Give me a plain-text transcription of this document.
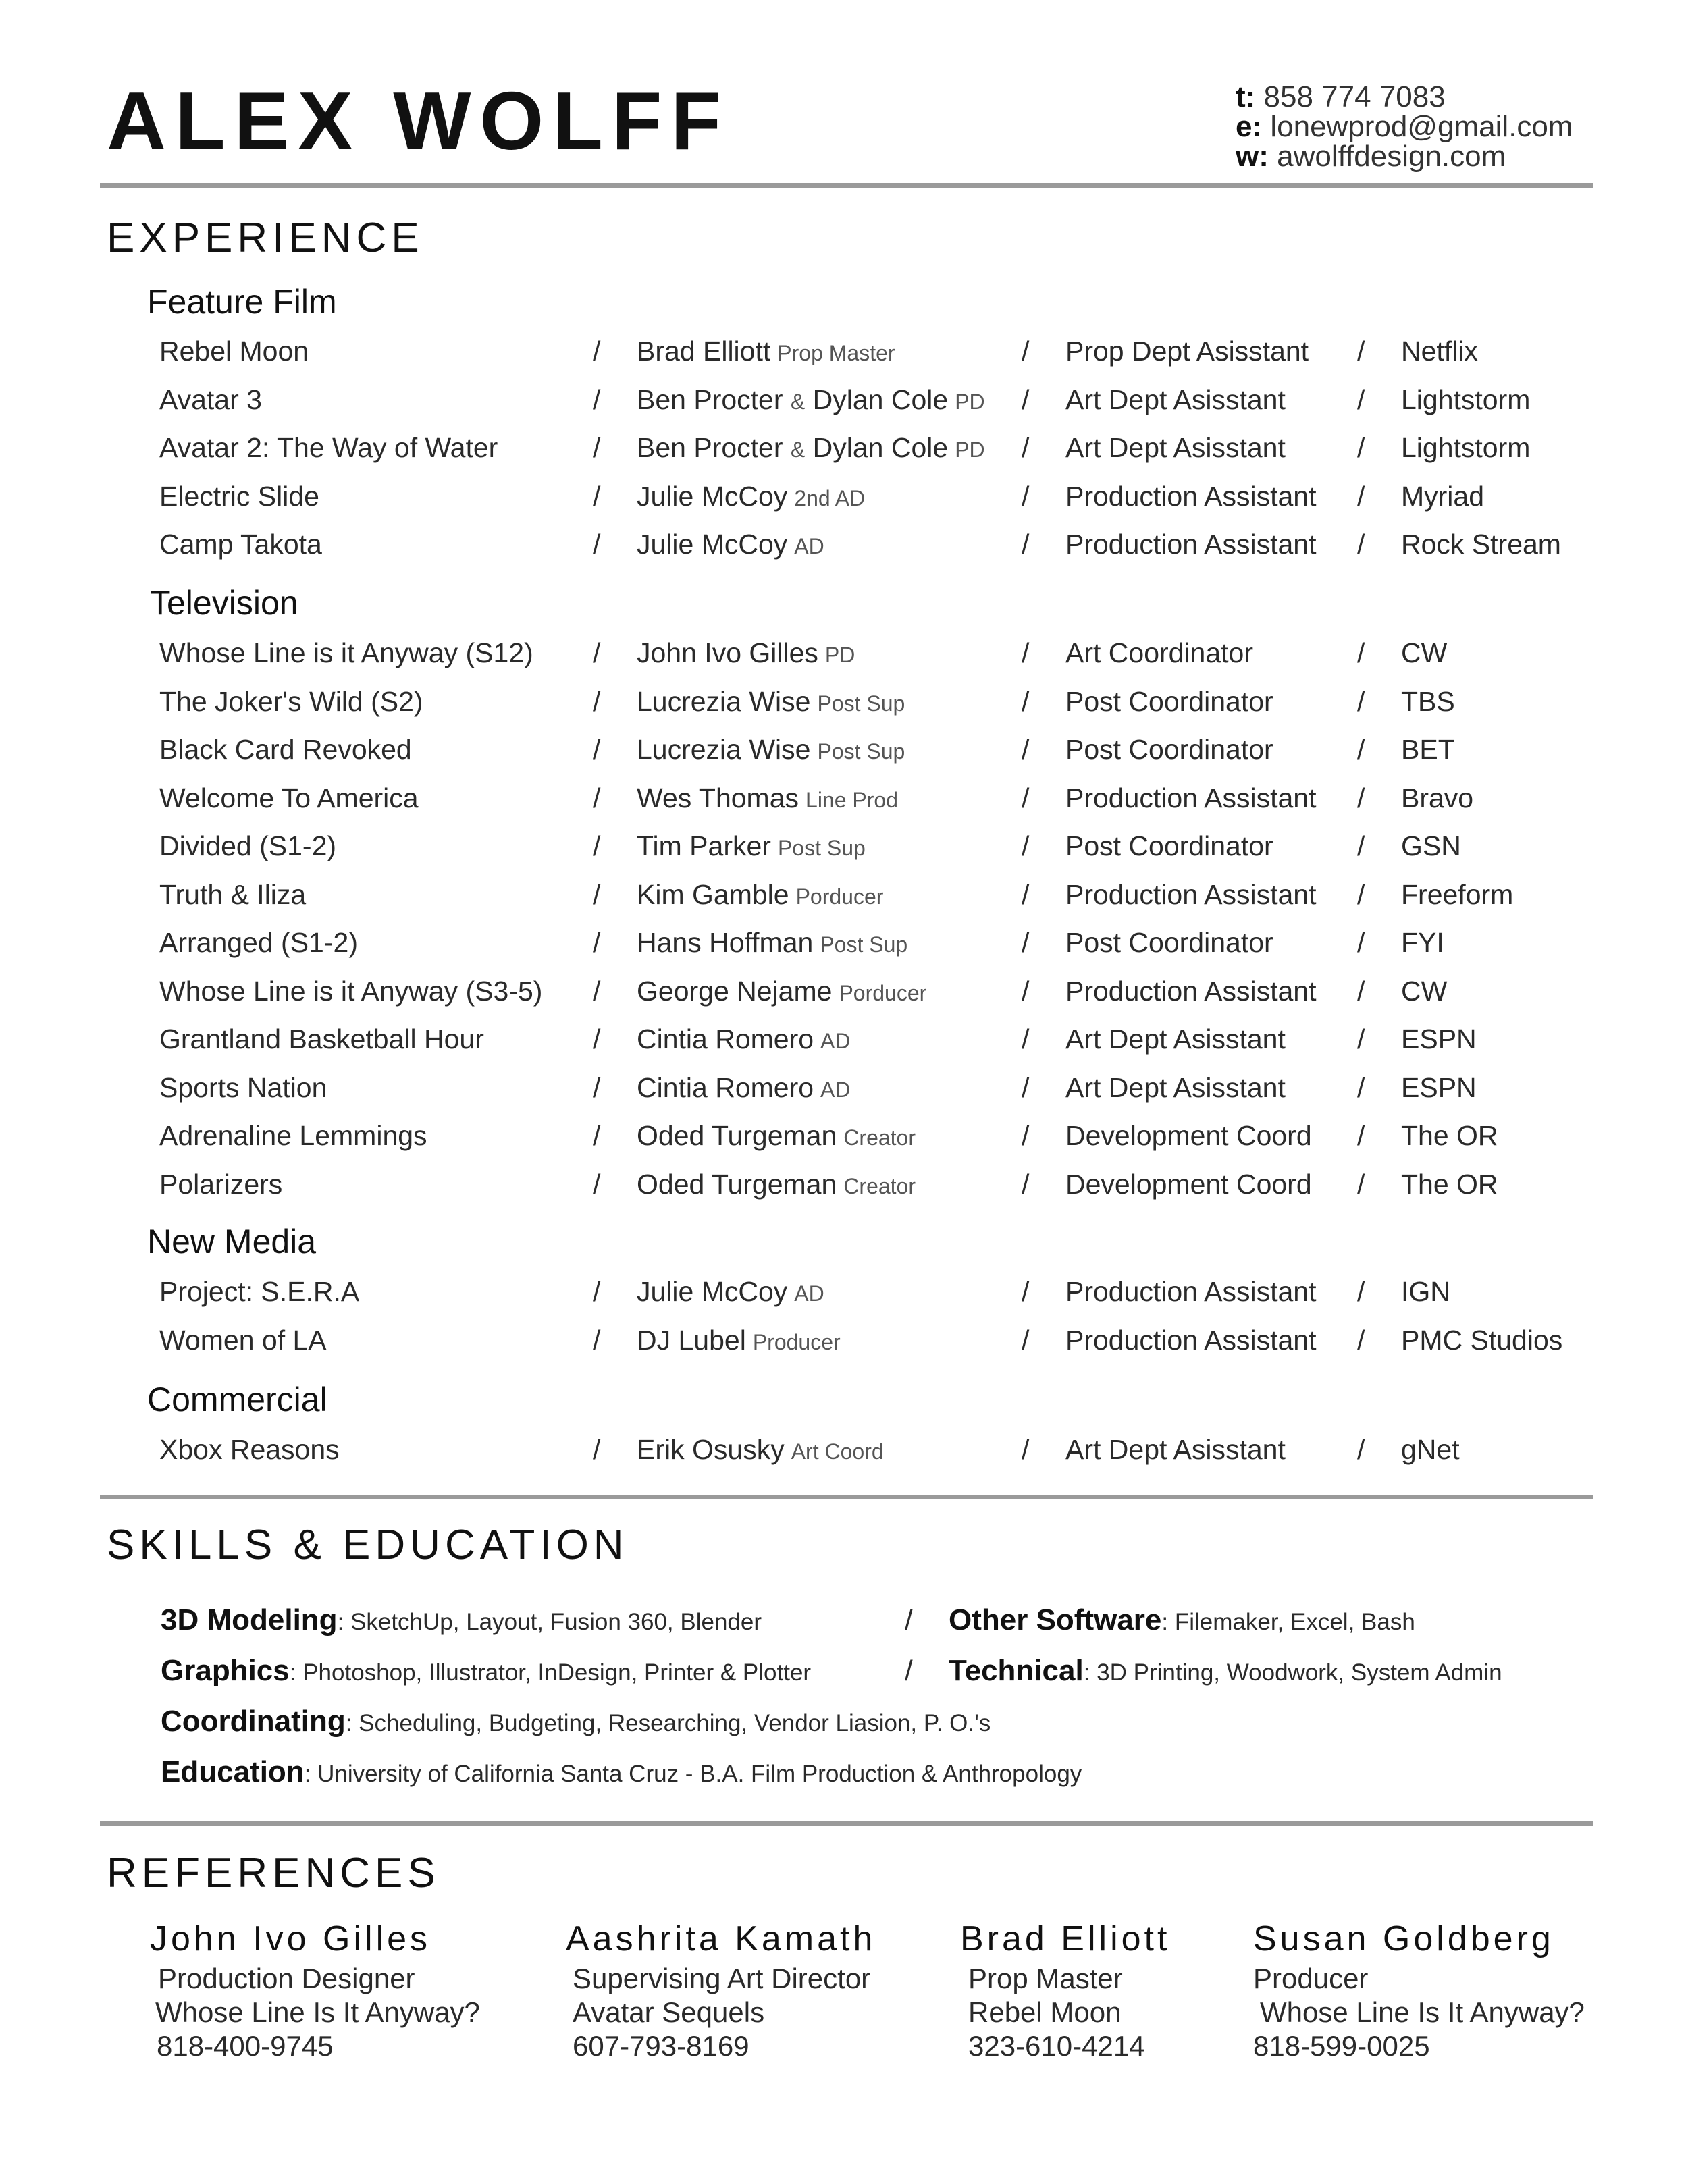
ALEX WOLFF	t: 858 774 7083
e: lonewprod@gmail.com
w: awolffdesign.com
EXPERIENCE
Feature Film
Rebel Moon	/ Brad Elliott Prop Master	/ Prop Dept Asisstant / Netflix
Avatar 3	/ Ben Procter & Dylan Cole PD / Art Dept Asisstant	/ Lightstorm
Avatar 2: The Way of Water	/ Ben Procter & Dylan Cole PD / Art Dept Asisstant	/ Lightstorm
Electric Slide	/ Julie McCoy 2nd AD	/ Production Assistant / Myriad
Camp Takota	/ Julie McCoy AD	/ Production Assistant / Rock Stream
Television
Whose Line is it Anyway (S12) / John Ivo Gilles PD	/ Art Coordinator	/ CW
The Joker's Wild (S2)	/ Lucrezia Wise Post Sup	/ Post Coordinator	/ TBS
Black Card Revoked	/ Lucrezia Wise Post Sup	/ Post Coordinator	/ BET
Welcome To America	/ Wes Thomas Line Prod	/ Production Assistant / Bravo
Divided (S1-2)	/ Tim Parker Post Sup	/ Post Coordinator	/ GSN
Truth & Iliza	/ Kim Gamble Porducer	/ Production Assistant / Freeform
Arranged (S1-2)	/ Hans Hoffman Post Sup	/ Post Coordinator	/ FYI
Whose Line is it Anyway (S3-5) / George Nejame Porducer	/ Production Assistant / CW
Grantland Basketball Hour	/ Cintia Romero AD	/ Art Dept Asisstant	/ ESPN
Sports Nation	/ Cintia Romero AD	/ Art Dept Asisstant	/ ESPN
Adrenaline Lemmings	/ Oded Turgeman Creator	/ Development Coord / The OR
Polarizers	/ Oded Turgeman Creator	/ Development Coord / The OR
New Media
Project: S.E.R.A	/ Julie McCoy AD	/ Production Assistant / IGN
Women of LA	/ DJ Lubel Producer	/ Production Assistant / PMC Studios
Commercial
Xbox Reasons	/ Erik Osusky Art Coord	/ Art Dept Asisstant	/ gNet
SKILLS & EDUCATION
3D Modeling: SketchUp, Layout, Fusion 360, Blender	/ Other Software: Filemaker, Excel, Bash
Graphics: Photoshop, Illustrator, InDesign, Printer & Plotter	/ Technical: 3D Printing, Woodwork, System Admin
Coordinating: Scheduling, Budgeting, Researching, Vendor Liasion, P. O.'s
Education: University of California Santa Cruz - B.A. Film Production & Anthropology
REFERENCES
John Ivo Gilles
Production Designer
Whose Line Is It Anyway?
818-400-9745
Aashrita Kamath
Supervising Art Director
Avatar Sequels
607-793-8169
Brad Elliott
Prop Master
Rebel Moon
323-610-4214
Susan Goldberg
Producer
Whose Line Is It Anyway?
818-599-0025
